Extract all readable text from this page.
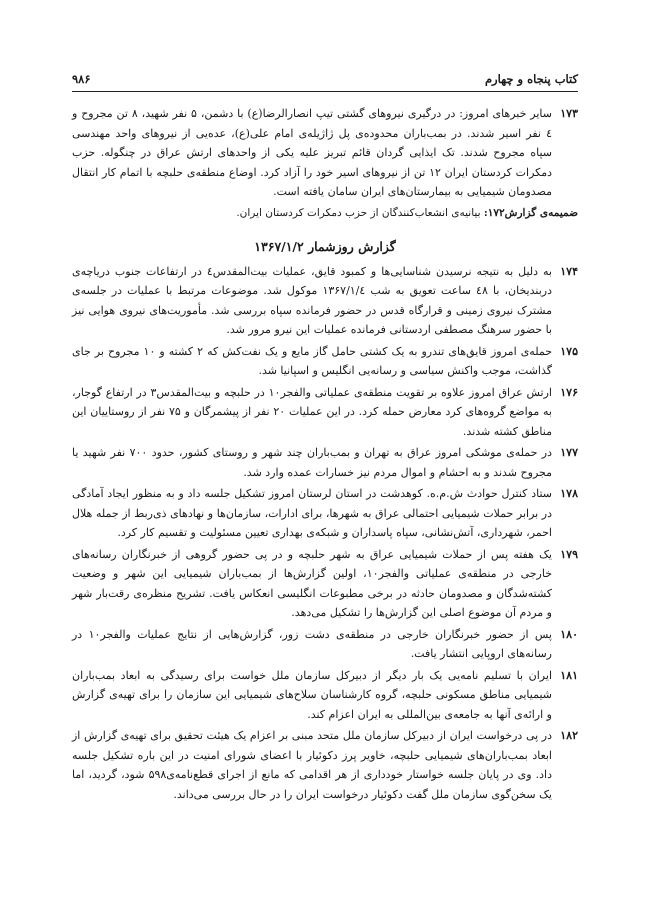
کتاب پنجاه و چهارم
۹۸۶
۱۷۳
سایر خبرهای امروز: در درگیری نیروهای گشتی تیپ انصارالرضا(ع) با دشمن، ۵ نفر شهید، ۸ تن مجروح و ٤ نفر اسیر شدند. در بمب‌باران محدوده‌ی پل ژاژیله‌ی امام علی(ع)، عده‌یی از نیروهای واحد مهندسی سپاه مجروح شدند. تک ایذایی گردان قائم تبریز علیه یکی از واحدهای ارتش عراق در چنگوله. حزب دمکرات کردستان ایران ۱۲ تن از نیروهای اسیر خود را آزاد کرد. اوضاع منطقه‌ی حلبچه با اتمام کار انتقال مصدومان شیمیایی به بیمارستان‌های ایران سامان یافته است.

ضمیمه‌ی گزارش۱۷۲: بیانیه‌ی انشعاب‌کنندگان از حزب دمکرات کردستان ایران.

گزارش روزشمار ۱۳۶۷/۱/۲
۱۷۴
به دلیل به نتیجه نرسیدن شناسایی‌ها و کمبود قایق، عملیات بیت‌المقدس٤ در ارتفاعات جنوب دریاچه‌ی دربندیخان، با ٤۸ ساعت تعویق به شب ۱۳۶۷/۱/٤ موکول شد. موضوعات مرتبط با عملیات در جلسه‌ی مشترک نیروی زمینی و قرارگاه قدس در حضور فرمانده سپاه بررسی شد. مأموریت‌های نیروی هوایی نیز با حضور سرهنگ مصطفی اردستانی فرمانده عملیات این نیرو مرور شد.
۱۷۵
حمله‌ی امروز قایق‌های تندرو به یک کشتی حامل گاز مایع و یک نفت‌کش که ۲ کشته و ۱۰ مجروح بر جای گذاشت، موجب واکنش سیاسی و رسانه‌یی انگلیس و اسپانیا شد.
۱۷۶
ارتش عراق امروز علاوه بر تقویت منطقه‌ی عملیاتی والفجر۱۰ در حلبچه و بیت‌المقدس۳ در ارتفاع گوجار، به مواضع گروه‌های کرد معارض حمله کرد. در این عملیات ۲۰ نفر از پیشمرگان و ۷۵ نفر از روستاییان این مناطق کشته شدند.
۱۷۷
در حمله‌ی موشکی امروز عراق به تهران و بمب‌باران چند شهر و روستای کشور، حدود ۷۰۰ نفر شهید یا مجروح شدند و به احشام و اموال مردم نیز خسارات عمده وارد شد.
۱۷۸
ستاد کنترل حوادث ش.م.ه. کوهدشت در استان لرستان امروز تشکیل جلسه داد و به منظور ایجاد آمادگی در برابر حملات شیمیایی احتمالی عراق به شهرها، برای ادارات، سازمان‌ها و نهادهای ذی‌ربط از جمله هلال احمر، شهرداری، آتش‌نشانی، سپاه پاسداران و شبکه‌ی بهداری تعیین مسئولیت و تقسیم کار کرد.
۱۷۹
یک هفته پس از حملات شیمیایی عراق به شهر حلبچه و در پی حضور گروهی از خبرنگاران رسانه‌های خارجی در منطقه‌ی عملیاتی والفجر۱۰، اولین گزارش‌ها از بمب‌باران شیمیایی این شهر و وضعیت کشته‌شدگان و مصدومان حادثه در برخی مطبوعات انگلیسی انعکاس یافت. تشریح منظره‌ی رقت‌بار شهر و مردم آن موضوع اصلی این گزارش‌ها را تشکیل می‌دهد.
۱۸۰
پس از حضور خبرنگاران خارجی در منطقه‌ی دشت زور، گزارش‌هایی از نتایج عملیات والفجر۱۰ در رسانه‌های اروپایی انتشار یافت.
۱۸۱
ایران با تسلیم نامه‌یی یک بار دیگر از دبیرکل سازمان ملل خواست برای رسیدگی به ابعاد بمب‌باران شیمیایی مناطق مسکونی حلبچه، گروه کارشناسان سلاح‌های شیمیایی این سازمان را برای تهیه‌ی گزارش و ارائه‌ی آنها به جامعه‌ی بین‌المللی به ایران اعزام کند.
۱۸۲
در پی درخواست ایران از دبیرکل سازمان ملل متحد مبنی بر اعزام یک هیئت تحقیق برای تهیه‌ی گزارش از ابعاد بمب‌باران‌های شیمیایی حلبچه، خاویر پرز دکوئیار با اعضای شورای امنیت در این باره تشکیل جلسه داد. وی در پایان جلسه خواستار خودداری از هر اقدامی که مانع از اجرای قطع‌نامه‌ی۵۹۸ شود، گردید، اما یک سخن‌گوی سازمان ملل گفت دکوئیار درخواست ایران را در حال بررسی می‌داند.
